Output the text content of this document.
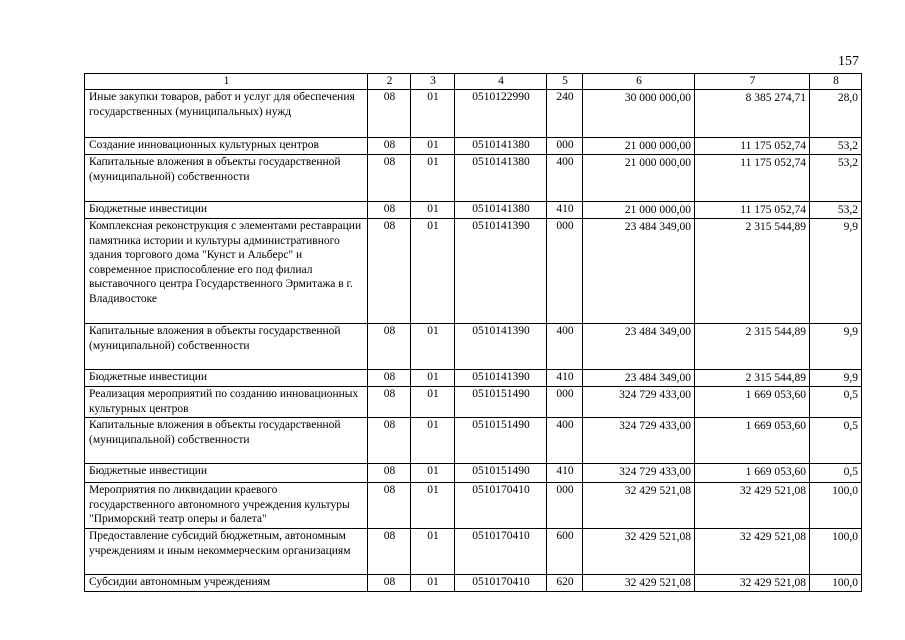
157
1	2	3	4	5	6	7	8
Иные закупки товаров, работ и услуг для обеспечения государственных (муниципальных) нужд	08	01	0510122990	240	30 000 000,00	8 385 274,71	28,0

Создание инновационных культурных центров	08	01	0510141380	000	21 000 000,00	11 175 052,74	53,2

Капитальные вложения в объекты государственной (муниципальной) собственности	08	01	0510141380	400	21 000 000,00	11 175 052,74	53,2

Бюджетные инвестиции	08	01	0510141380	410	21 000 000,00	11 175 052,74	53,2

Комплексная реконструкция с элементами реставрации памятника истории и культуры административного здания торгового дома "Кунст и Альберс" и современное приспособление его под филиал выставочного центра Государственного Эрмитажа в г. Владивостоке	08	01	0510141390	000	23 484 349,00	2 315 544,89	9,9

Капитальные вложения в объекты государственной (муниципальной) собственности	08	01	0510141390	400	23 484 349,00	2 315 544,89	9,9

Бюджетные инвестиции	08	01	0510141390	410	23 484 349,00	2 315 544,89	9,9

Реализация мероприятий по созданию инновационных культурных центров	08	01	0510151490	000	324 729 433,00	1 669 053,60	0,5

Капитальные вложения в объекты государственной (муниципальной) собственности	08	01	0510151490	400	324 729 433,00	1 669 053,60	0,5

Бюджетные инвестиции	08	01	0510151490	410	324 729 433,00	1 669 053,60	0,5

Мероприятия по ликвидации краевого государственного автономного учреждения культуры "Приморский театр оперы и балета"	08	01	0510170410	000	32 429 521,08	32 429 521,08	100,0

Предоставление субсидий бюджетным, автономным учреждениям и иным некоммерческим организациям	08	01	0510170410	600	32 429 521,08	32 429 521,08	100,0

Субсидии автономным учреждениям	08	01	0510170410	620	32 429 521,08	32 429 521,08	100,0
